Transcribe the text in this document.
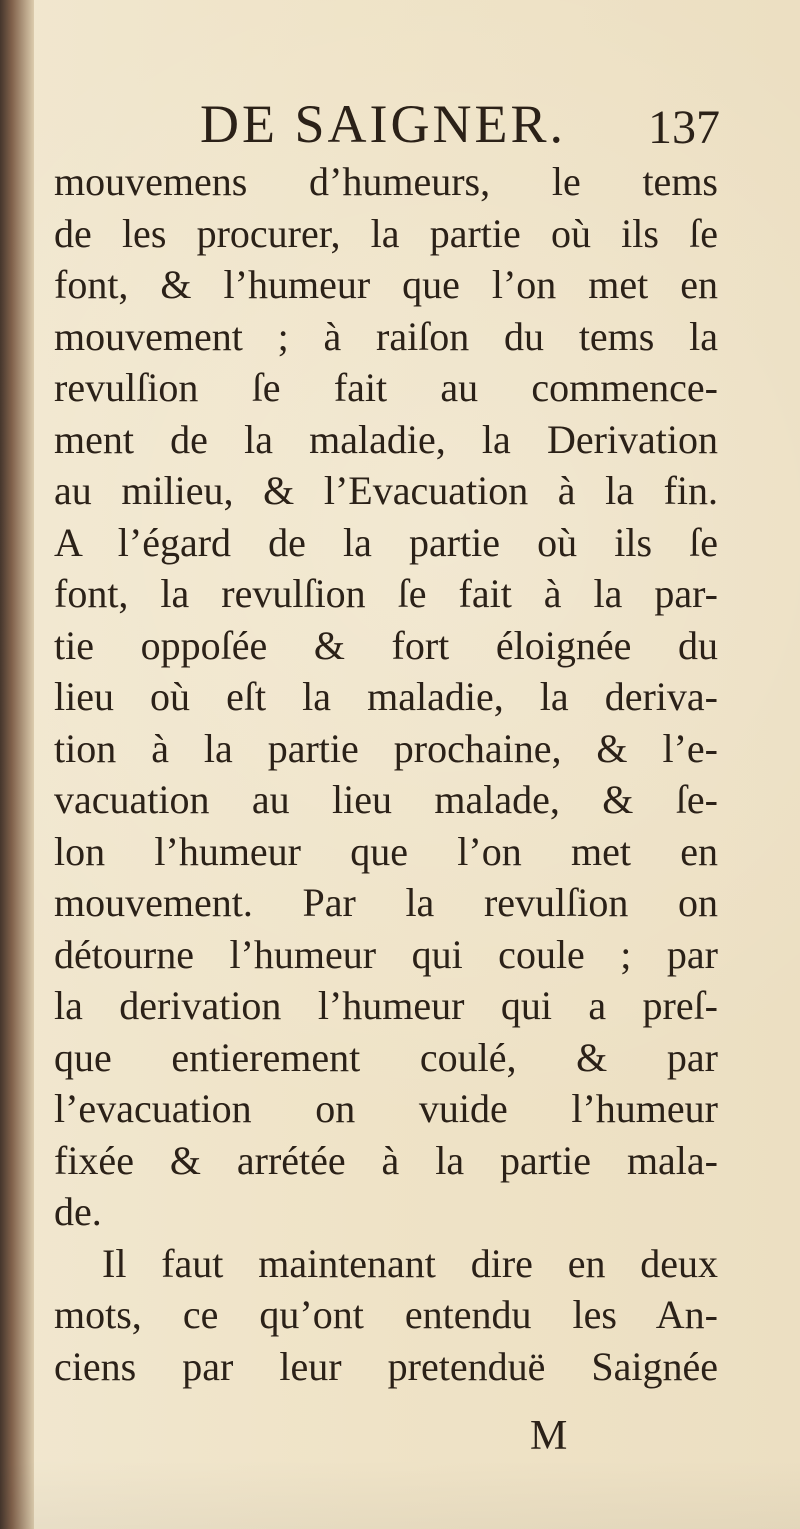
DE SAIGNER. 137
mouvemens d’humeurs, le tems
de les procurer, la partie où ils ſe
font, & l’humeur que l’on met en
mouvement ; à raiſon du tems la
revulſion ſe fait au commence-
ment de la maladie, la Derivation
au milieu, & l’Evacuation à la fin.
A l’égard de la partie où ils ſe
font, la revulſion ſe fait à la par-
tie oppoſée & fort éloignée du
lieu où eſt la maladie, la deriva-
tion à la partie prochaine, & l’e-
vacuation au lieu malade, & ſe-
lon l’humeur que l’on met en
mouvement. Par la revulſion on
détourne l’humeur qui coule ; par
la derivation l’humeur qui a preſ-
que entierement coulé, & par
l’evacuation on vuide l’humeur
fixée & arrétée à la partie mala-
de.
Il faut maintenant dire en deux
mots, ce qu’ont entendu les An-
ciens par leur pretenduë Saignée
M
